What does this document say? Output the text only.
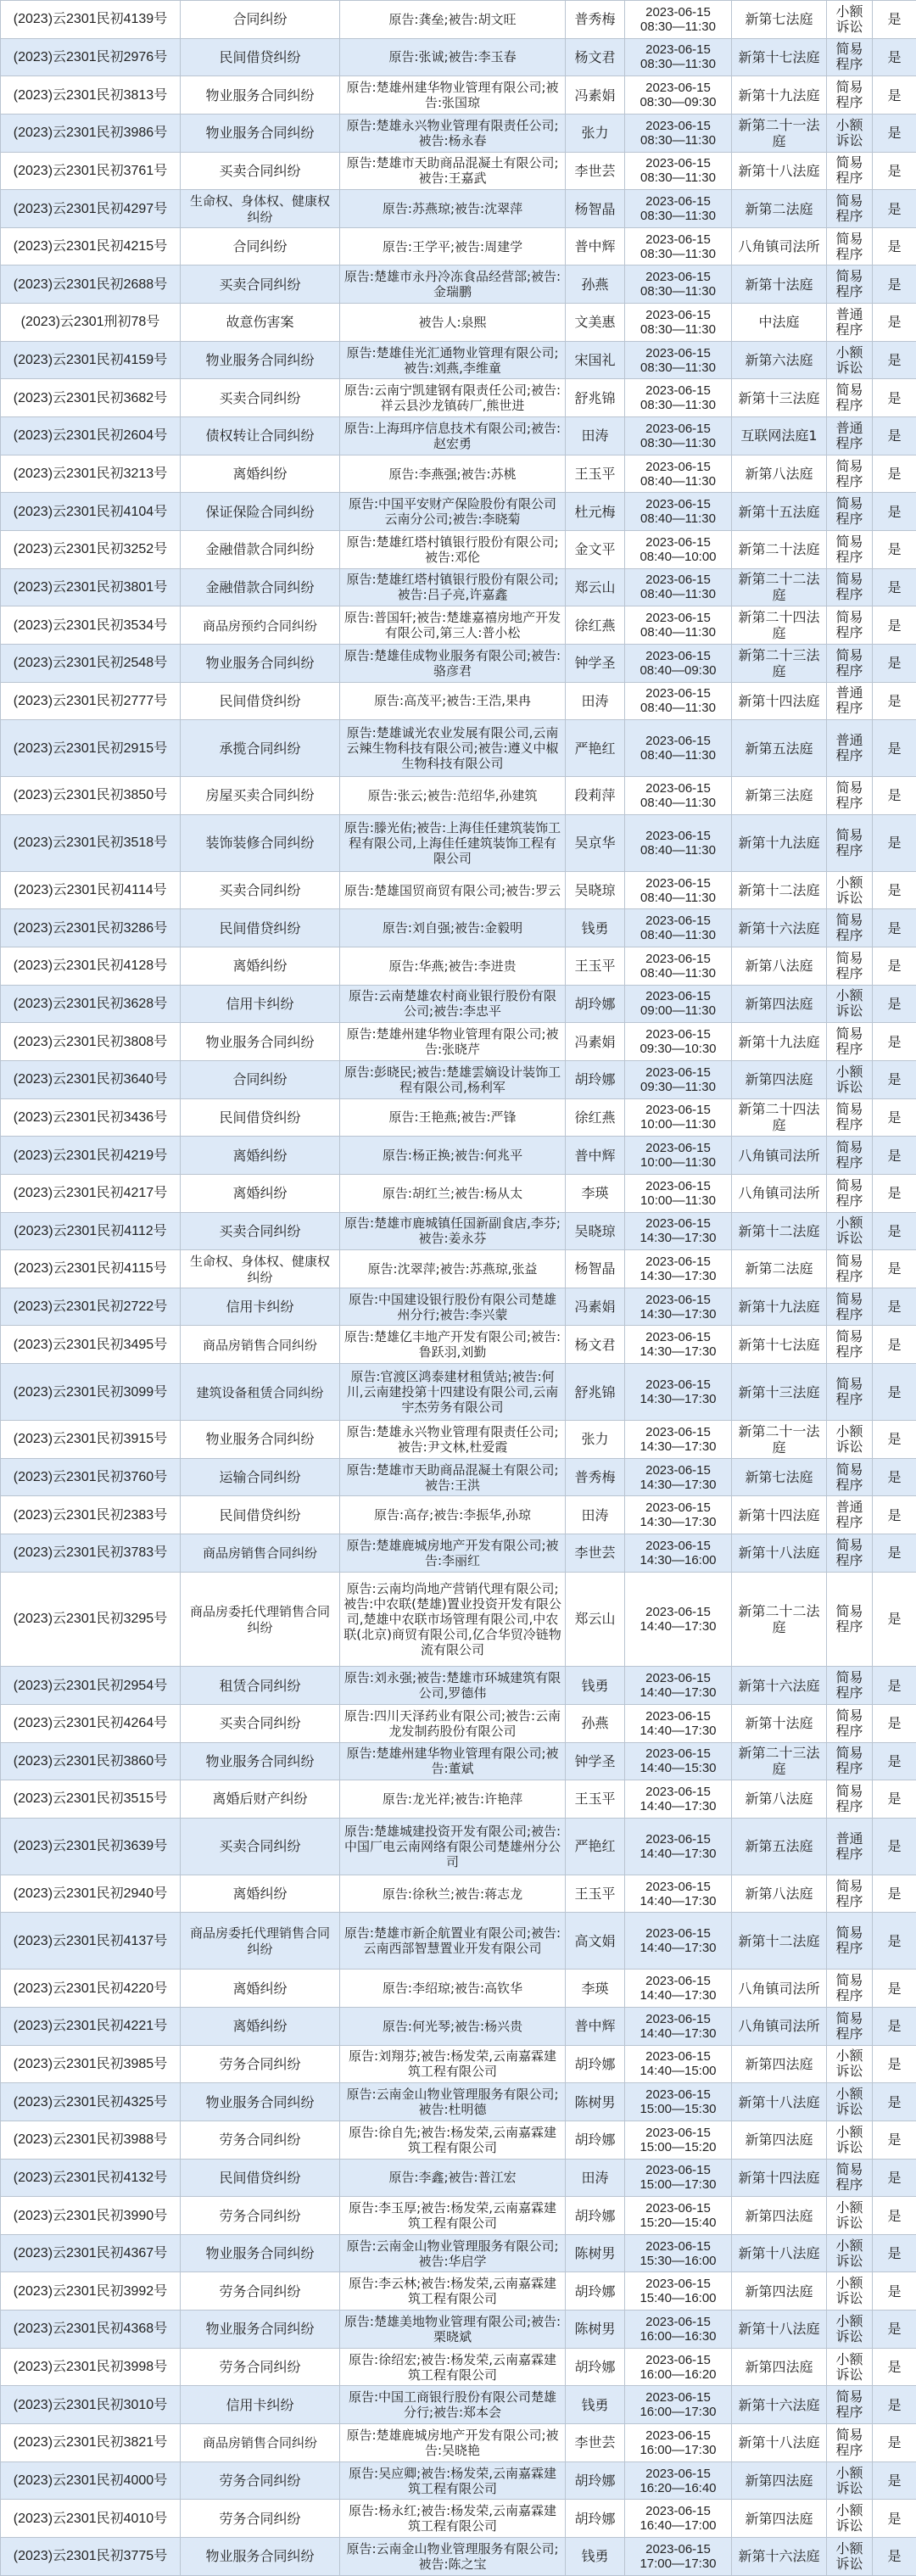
(2023)云2301民初4139号	合同纠纷	原告:龚垒;被告:胡文旺	普秀梅	2023-06-15
08:30—11:30	新第七法庭	小额诉讼	是
(2023)云2301民初2976号	民间借贷纠纷	原告:张诚;被告:李玉春	杨文君	2023-06-15
08:30—11:30	新第十七法庭	简易程序	是
(2023)云2301民初3813号	物业服务合同纠纷	原告:楚雄州建华物业管理有限公司;被告:张国琼	冯素娟	2023-06-15
08:30—09:30	新第十九法庭	简易程序	是
(2023)云2301民初3986号	物业服务合同纠纷	原告:楚雄永兴物业管理有限责任公司;被告:杨永春	张力	2023-06-15
08:30—11:30	新第二十一法庭	小额诉讼	是
(2023)云2301民初3761号	买卖合同纠纷	原告:楚雄市天助商品混凝土有限公司;被告:王嘉武	李世芸	2023-06-15
08:30—11:30	新第十八法庭	简易程序	是
(2023)云2301民初4297号	生命权、身体权、健康权纠纷	原告:苏燕琼;被告:沈翠萍	杨智晶	2023-06-15
08:30—11:30	新第二法庭	简易程序	是
(2023)云2301民初4215号	合同纠纷	原告:王学平;被告:周建学	普中辉	2023-06-15
08:30—11:30	八角镇司法所	简易程序	是
(2023)云2301民初2688号	买卖合同纠纷	原告:楚雄市永丹冷冻食品经营部;被告:金瑞鹏	孙燕	2023-06-15
08:30—11:30	新第十法庭	简易程序	是
(2023)云2301刑初78号	故意伤害案	被告人:泉熙	文美惠	2023-06-15
08:30—11:30	中法庭	普通程序	是
(2023)云2301民初4159号	物业服务合同纠纷	原告:楚雄佳光汇通物业管理有限公司;被告:刘燕,李维童	宋国礼	2023-06-15
08:30—11:30	新第六法庭	小额诉讼	是
(2023)云2301民初3682号	买卖合同纠纷	原告:云南宁凯建钢有限责任公司;被告:祥云县沙龙镇砖厂,熊世进	舒兆锦	2023-06-15
08:30—11:30	新第十三法庭	简易程序	是
(2023)云2301民初2604号	债权转让合同纠纷	原告:上海珥序信息技术有限公司;被告:赵宏勇	田涛	2023-06-15
08:30—11:30	互联网法庭1	普通程序	是
(2023)云2301民初3213号	离婚纠纷	原告:李燕强;被告:苏桃	王玉平	2023-06-15
08:40—11:30	新第八法庭	简易程序	是
(2023)云2301民初4104号	保证保险合同纠纷	原告:中国平安财产保险股份有限公司云南分公司;被告:李晓菊	杜元梅	2023-06-15
08:40—11:30	新第十五法庭	简易程序	是
(2023)云2301民初3252号	金融借款合同纠纷	原告:楚雄红塔村镇银行股份有限公司;被告:邓伦	金文平	2023-06-15
08:40—10:00	新第二十法庭	简易程序	是
(2023)云2301民初3801号	金融借款合同纠纷	原告:楚雄红塔村镇银行股份有限公司;被告:吕子亮,许嘉鑫	郑云山	2023-06-15
08:40—11:30	新第二十二法庭	简易程序	是
(2023)云2301民初3534号	商品房预约合同纠纷	原告:普国轩;被告:楚雄嘉禧房地产开发有限公司,第三人:普小松	徐红燕	2023-06-15
08:40—11:30	新第二十四法庭	简易程序	是
(2023)云2301民初2548号	物业服务合同纠纷	原告:楚雄佳成物业服务有限公司;被告:骆彦君	钟学圣	2023-06-15
08:40—09:30	新第二十三法庭	简易程序	是
(2023)云2301民初2777号	民间借贷纠纷	原告:高茂平;被告:王浩,果冉	田涛	2023-06-15
08:40—11:30	新第十四法庭	普通程序	是
(2023)云2301民初2915号	承揽合同纠纷	原告:楚雄诚光农业发展有限公司,云南云辣生物科技有限公司;被告:遵义中椒生物科技有限公司	严艳红	2023-06-15
08:40—11:30	新第五法庭	普通程序	是
(2023)云2301民初3850号	房屋买卖合同纠纷	原告:张云;被告:范绍华,孙建筑	段莉萍	2023-06-15
08:40—11:30	新第三法庭	简易程序	是
(2023)云2301民初3518号	装饰装修合同纠纷	原告:滕光佑;被告:上海佳任建筑装饰工程有限公司,上海佳任建筑装饰工程有限公司	吴京华	2023-06-15
08:40—11:30	新第十九法庭	简易程序	是
(2023)云2301民初4114号	买卖合同纠纷	原告:楚雄国贸商贸有限公司;被告:罗云	吴晓琼	2023-06-15
08:40—11:30	新第十二法庭	小额诉讼	是
(2023)云2301民初3286号	民间借贷纠纷	原告:刘自强;被告:金毅明	钱勇	2023-06-15
08:40—11:30	新第十六法庭	简易程序	是
(2023)云2301民初4128号	离婚纠纷	原告:华燕;被告:李进贵	王玉平	2023-06-15
08:40—11:30	新第八法庭	简易程序	是
(2023)云2301民初3628号	信用卡纠纷	原告:云南楚雄农村商业银行股份有限公司;被告:李忠平	胡玲娜	2023-06-15
09:00—11:30	新第四法庭	小额诉讼	是
(2023)云2301民初3808号	物业服务合同纠纷	原告:楚雄州建华物业管理有限公司;被告:张晓芹	冯素娟	2023-06-15
09:30—10:30	新第十九法庭	简易程序	是
(2023)云2301民初3640号	合同纠纷	原告:彭晓民;被告:楚雄雲嫡设计装饰工程有限公司,杨利军	胡玲娜	2023-06-15
09:30—11:30	新第四法庭	小额诉讼	是
(2023)云2301民初3436号	民间借贷纠纷	原告:王艳燕;被告:严锋	徐红燕	2023-06-15
10:00—11:30	新第二十四法庭	简易程序	是
(2023)云2301民初4219号	离婚纠纷	原告:杨正换;被告:何兆平	普中辉	2023-06-15
10:00—11:30	八角镇司法所	简易程序	是
(2023)云2301民初4217号	离婚纠纷	原告:胡红兰;被告:杨从太	李瑛	2023-06-15
10:00—11:30	八角镇司法所	简易程序	是
(2023)云2301民初4112号	买卖合同纠纷	原告:楚雄市鹿城镇任国新副食店,李芬;被告:姜永芬	吴晓琼	2023-06-15
14:30—17:30	新第十二法庭	小额诉讼	是
(2023)云2301民初4115号	生命权、身体权、健康权纠纷	原告:沈翠萍;被告:苏燕琼,张益	杨智晶	2023-06-15
14:30—17:30	新第二法庭	简易程序	是
(2023)云2301民初2722号	信用卡纠纷	原告:中国建设银行股份有限公司楚雄州分行;被告:李兴蒙	冯素娟	2023-06-15
14:30—17:30	新第十九法庭	简易程序	是
(2023)云2301民初3495号	商品房销售合同纠纷	原告:楚雄亿丰地产开发有限公司;被告:鲁跃羽,刘勤	杨文君	2023-06-15
14:30—17:30	新第十七法庭	简易程序	是
(2023)云2301民初3099号	建筑设备租赁合同纠纷	原告:官渡区鸿泰建材租赁站;被告:何川,云南建投第十四建设有限公司,云南宇杰劳务有限公司	舒兆锦	2023-06-15
14:30—17:30	新第十三法庭	简易程序	是
(2023)云2301民初3915号	物业服务合同纠纷	原告:楚雄永兴物业管理有限责任公司;被告:尹文林,杜爱霞	张力	2023-06-15
14:30—17:30	新第二十一法庭	小额诉讼	是
(2023)云2301民初3760号	运输合同纠纷	原告:楚雄市天助商品混凝土有限公司;被告:王洪	普秀梅	2023-06-15
14:30—17:30	新第七法庭	简易程序	是
(2023)云2301民初2383号	民间借贷纠纷	原告:高存;被告:李振华,孙琼	田涛	2023-06-15
14:30—17:30	新第十四法庭	普通程序	是
(2023)云2301民初3783号	商品房销售合同纠纷	原告:楚雄鹿城房地产开发有限公司;被告:李丽红	李世芸	2023-06-15
14:30—16:00	新第十八法庭	简易程序	是
(2023)云2301民初3295号	商品房委托代理销售合同纠纷	原告:云南均尚地产营销代理有限公司;被告:中农联(楚雄)置业投资开发有限公司,楚雄中农联市场管理有限公司,中农联(北京)商贸有限公司,亿合华贸冷链物流有限公司	郑云山	2023-06-15
14:40—17:30	新第二十二法庭	简易程序	是
(2023)云2301民初2954号	租赁合同纠纷	原告:刘永强;被告:楚雄市环城建筑有限公司,罗德伟	钱勇	2023-06-15
14:40—17:30	新第十六法庭	简易程序	是
(2023)云2301民初4264号	买卖合同纠纷	原告:四川天泽药业有限公司;被告:云南龙发制药股份有限公司	孙燕	2023-06-15
14:40—17:30	新第十法庭	简易程序	是
(2023)云2301民初3860号	物业服务合同纠纷	原告:楚雄州建华物业管理有限公司;被告:董斌	钟学圣	2023-06-15
14:40—15:30	新第二十三法庭	简易程序	是
(2023)云2301民初3515号	离婚后财产纠纷	原告:龙光祥;被告:许艳萍	王玉平	2023-06-15
14:40—17:30	新第八法庭	简易程序	是
(2023)云2301民初3639号	买卖合同纠纷	原告:楚雄城建投资开发有限公司;被告:中国厂电云南网络有限公司楚雄州分公司	严艳红	2023-06-15
14:40—17:30	新第五法庭	普通程序	是
(2023)云2301民初2940号	离婚纠纷	原告:徐秋兰;被告:蒋志龙	王玉平	2023-06-15
14:40—17:30	新第八法庭	简易程序	是
(2023)云2301民初4137号	商品房委托代理销售合同纠纷	原告:楚雄市新企航置业有限公司;被告:云南西部智慧置业开发有限公司	高文娟	2023-06-15
14:40—17:30	新第十二法庭	简易程序	是
(2023)云2301民初4220号	离婚纠纷	原告:李绍琼;被告:高钦华	李瑛	2023-06-15
14:40—17:30	八角镇司法所	简易程序	是
(2023)云2301民初4221号	离婚纠纷	原告:何光琴;被告:杨兴贵	普中辉	2023-06-15
14:40—17:30	八角镇司法所	简易程序	是
(2023)云2301民初3985号	劳务合同纠纷	原告:刘翔芬;被告:杨发荣,云南嘉霖建筑工程有限公司	胡玲娜	2023-06-15
14:40—15:00	新第四法庭	小额诉讼	是
(2023)云2301民初4325号	物业服务合同纠纷	原告:云南金山物业管理服务有限公司;被告:杜明德	陈树男	2023-06-15
15:00—15:30	新第十八法庭	小额诉讼	是
(2023)云2301民初3988号	劳务合同纠纷	原告:徐自先;被告:杨发荣,云南嘉霖建筑工程有限公司	胡玲娜	2023-06-15
15:00—15:20	新第四法庭	小额诉讼	是
(2023)云2301民初4132号	民间借贷纠纷	原告:李鑫;被告:普江宏	田涛	2023-06-15
15:00—17:30	新第十四法庭	简易程序	是
(2023)云2301民初3990号	劳务合同纠纷	原告:李玉厚;被告:杨发荣,云南嘉霖建筑工程有限公司	胡玲娜	2023-06-15
15:20—15:40	新第四法庭	小额诉讼	是
(2023)云2301民初4367号	物业服务合同纠纷	原告:云南金山物业管理服务有限公司;被告:华启学	陈树男	2023-06-15
15:30—16:00	新第十八法庭	小额诉讼	是
(2023)云2301民初3992号	劳务合同纠纷	原告:李云林;被告:杨发荣,云南嘉霖建筑工程有限公司	胡玲娜	2023-06-15
15:40—16:00	新第四法庭	小额诉讼	是
(2023)云2301民初4368号	物业服务合同纠纷	原告:楚雄美地物业管理有限公司;被告:栗晓斌	陈树男	2023-06-15
16:00—16:30	新第十八法庭	小额诉讼	是
(2023)云2301民初3998号	劳务合同纠纷	原告:徐绍宏;被告:杨发荣,云南嘉霖建筑工程有限公司	胡玲娜	2023-06-15
16:00—16:20	新第四法庭	小额诉讼	是
(2023)云2301民初3010号	信用卡纠纷	原告:中国工商银行股份有限公司楚雄分行;被告:郑本会	钱勇	2023-06-15
16:00—17:30	新第十六法庭	简易程序	是
(2023)云2301民初3821号	商品房销售合同纠纷	原告:楚雄鹿城房地产开发有限公司;被告:吴晓艳	李世芸	2023-06-15
16:00—17:30	新第十八法庭	简易程序	是
(2023)云2301民初4000号	劳务合同纠纷	原告:吴应卿;被告:杨发荣,云南嘉霖建筑工程有限公司	胡玲娜	2023-06-15
16:20—16:40	新第四法庭	小额诉讼	是
(2023)云2301民初4010号	劳务合同纠纷	原告:杨永红;被告:杨发荣,云南嘉霖建筑工程有限公司	胡玲娜	2023-06-15
16:40—17:00	新第四法庭	小额诉讼	是
(2023)云2301民初3775号	物业服务合同纠纷	原告:云南金山物业管理服务有限公司;被告:陈之宝	钱勇	2023-06-15
17:00—17:30	新第十六法庭	小额诉讼	是
